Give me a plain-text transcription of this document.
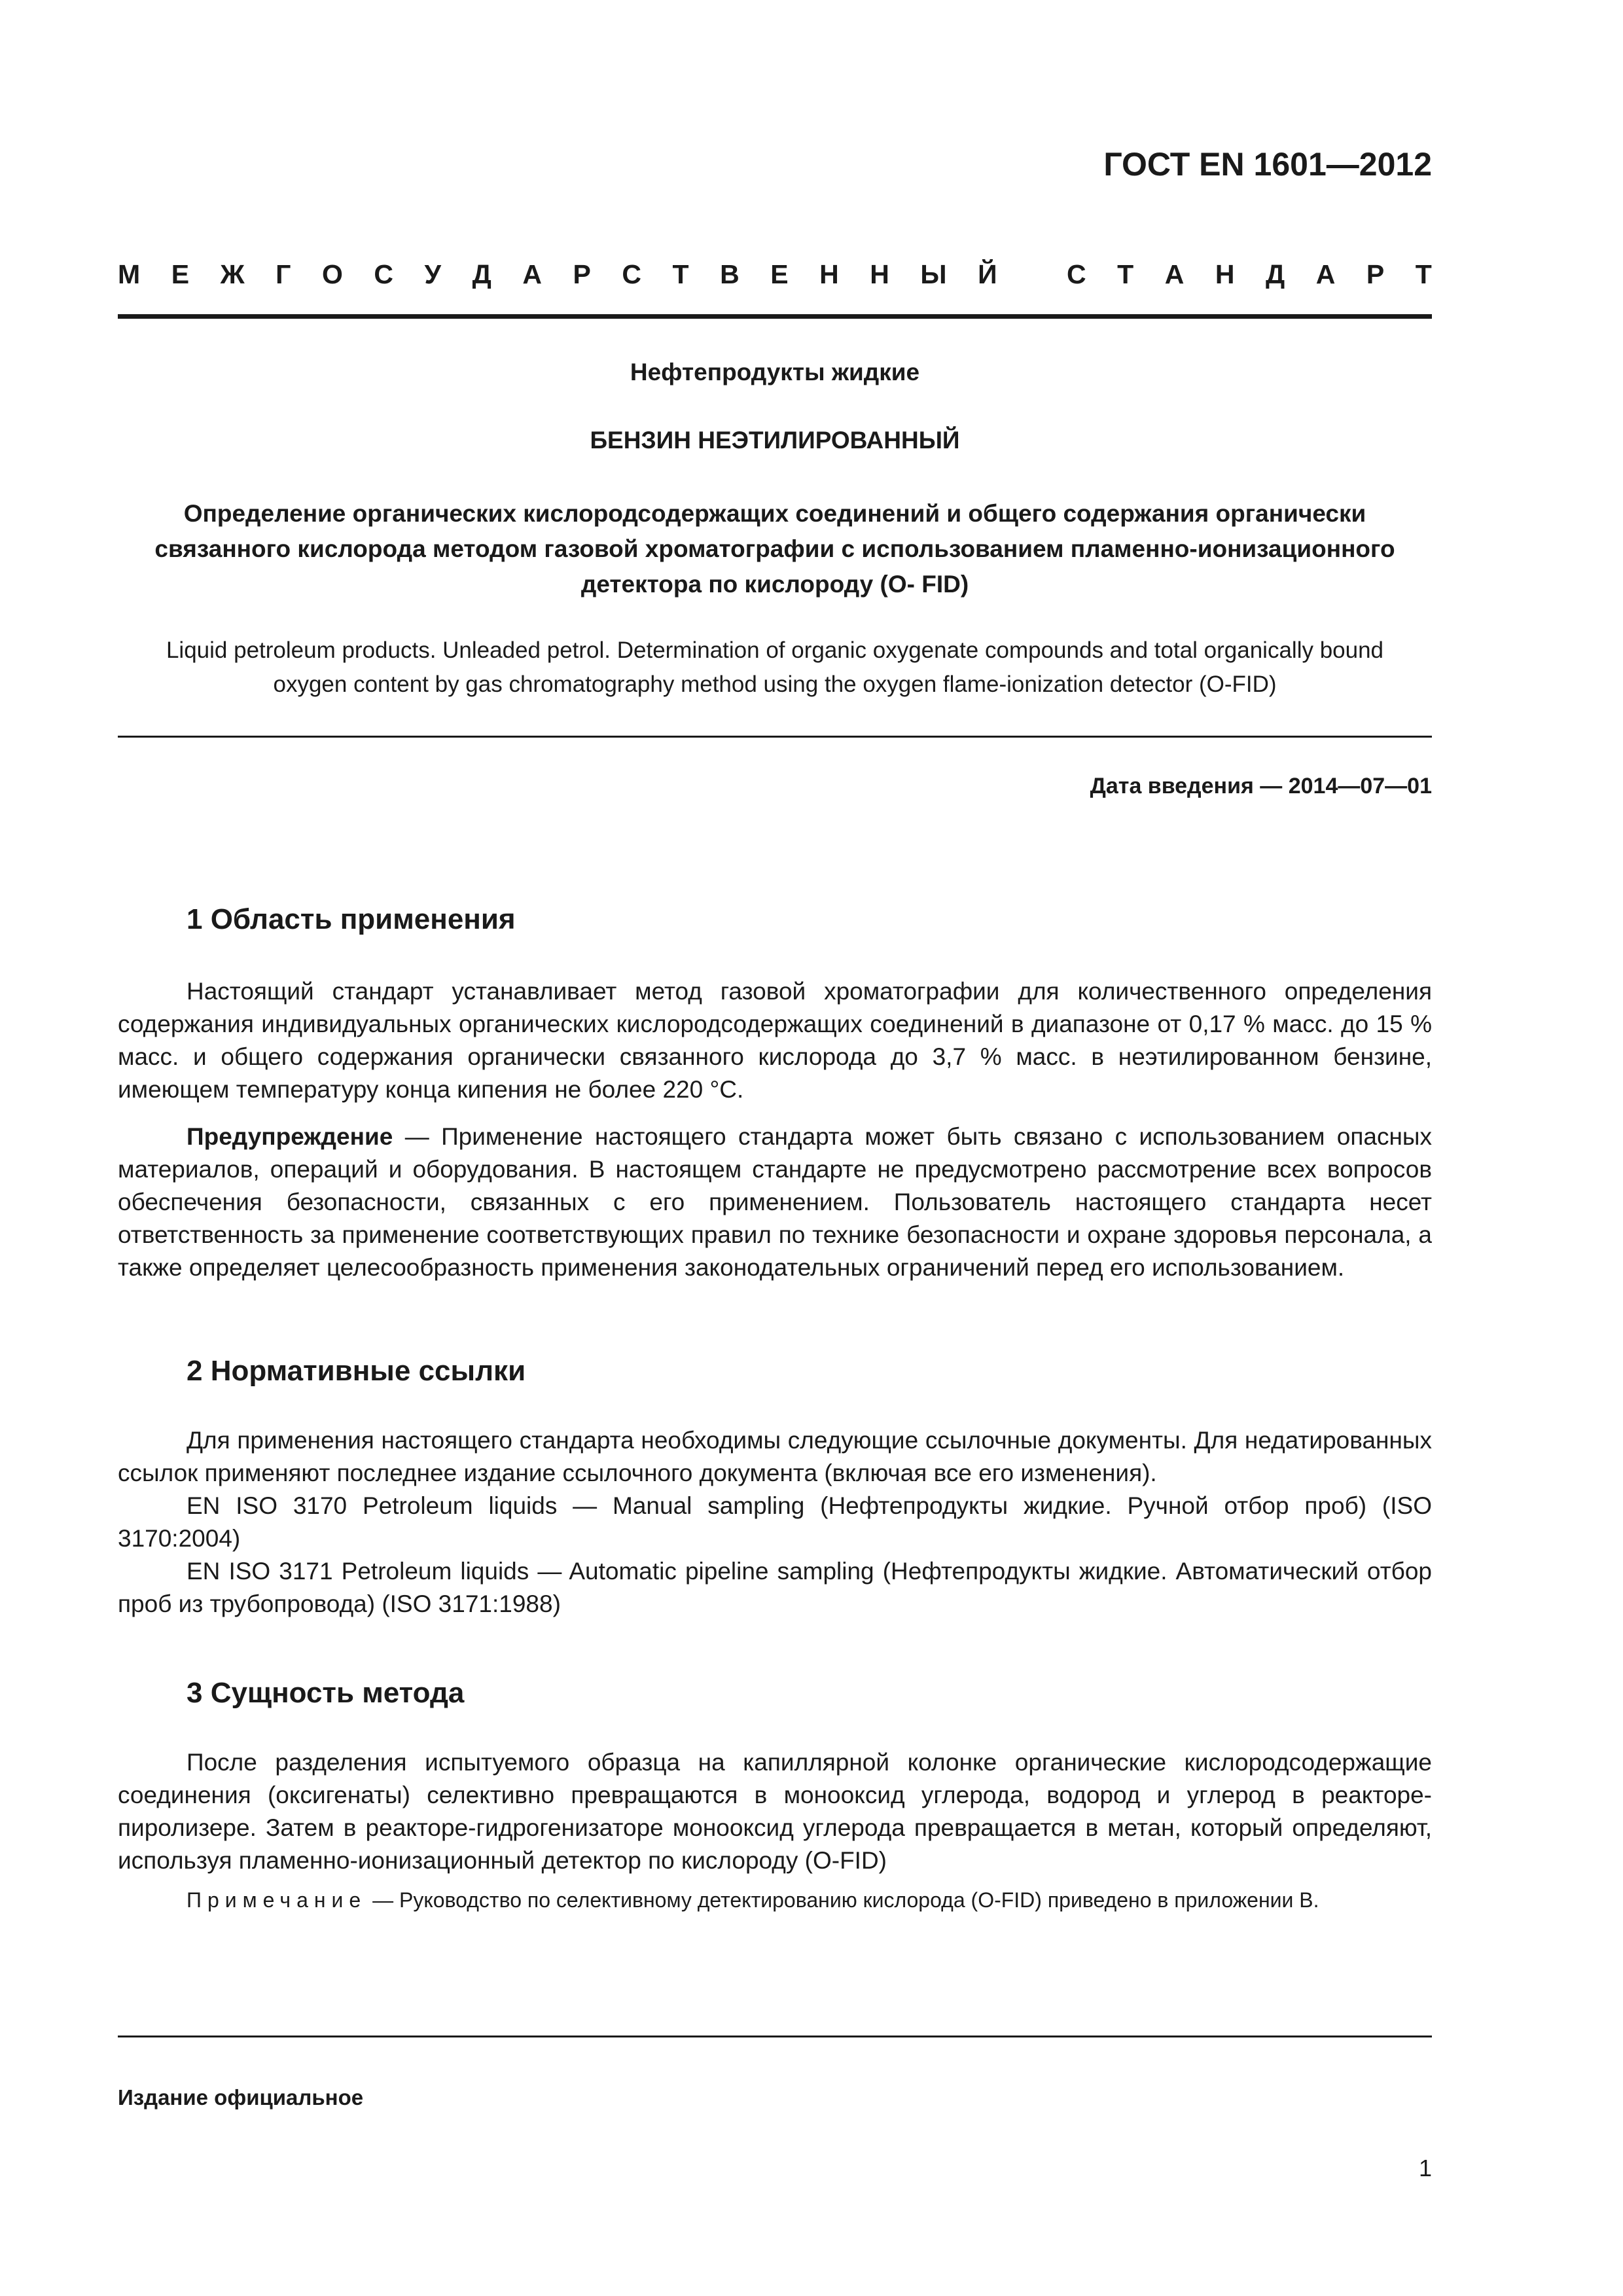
ГОСТ EN 1601—2012
М Е Ж Г О С У Д А Р С Т В Е Н Н Ы Й
	С Т А Н Д А Р Т
Нефтепродукты жидкие
БЕНЗИН НЕЭТИЛИРОВАННЫЙ
Определение органических кислородсодержащих соединений и общего содержания органически связанного кислорода методом газовой хроматографии с использованием пламенно-ионизационного детектора по кислороду (O- FID)
Liquid petroleum products. Unleaded petrol. Determination of organic oxygenate compounds and total organically bound oxygen content by gas chromatography method using the oxygen flame-ionization detector (O-FID)
Дата введения — 2014—07—01
1 Область применения

Настоящий стандарт устанавливает метод газовой хроматографии для количественного определения содержания индивидуальных органических кислородсодержащих соединений в диапазоне от 0,17 % масс. до 15 % масс. и общего содержания органически связанного кислорода до 3,7 % масс. в неэтилированном бензине, имеющем температуру конца кипения не более 220 °C.

Предупреждение — Применение настоящего стандарта может быть связано с использованием опасных материалов, операций и оборудования. В настоящем стандарте не предусмотрено рассмотрение всех вопросов обеспечения безопасности, связанных с его применением. Пользователь настоящего стандарта несет ответственность за применение соответствующих правил по технике безопасности и охране здоровья персонала, а также определяет целесообразность применения законодательных ограничений перед его использованием.

2 Нормативные ссылки

Для применения настоящего стандарта необходимы следующие ссылочные документы. Для недатированных ссылок применяют последнее издание ссылочного документа (включая все его изменения).

EN ISO 3170 Petroleum liquids — Manual sampling (Нефтепродукты жидкие. Ручной отбор проб) (ISO 3170:2004)

EN ISO 3171 Petroleum liquids — Automatic pipeline sampling (Нефтепродукты жидкие. Автоматический отбор проб из трубопровода) (ISO 3171:1988)

3 Сущность метода

После разделения испытуемого образца на капиллярной колонке органические кислородсодержащие соединения (оксигенаты) селективно превращаются в монооксид углерода, водород и углерод в реакторе-пиролизере. Затем в реакторе-гидрогенизаторе монооксид углерода превращается в метан, который определяют, используя пламенно-ионизационный детектор по кислороду (O-FID)

Примечание — Руководство по селективному детектированию кислорода (O-FID) приведено в приложении В.

Издание официальное
1
